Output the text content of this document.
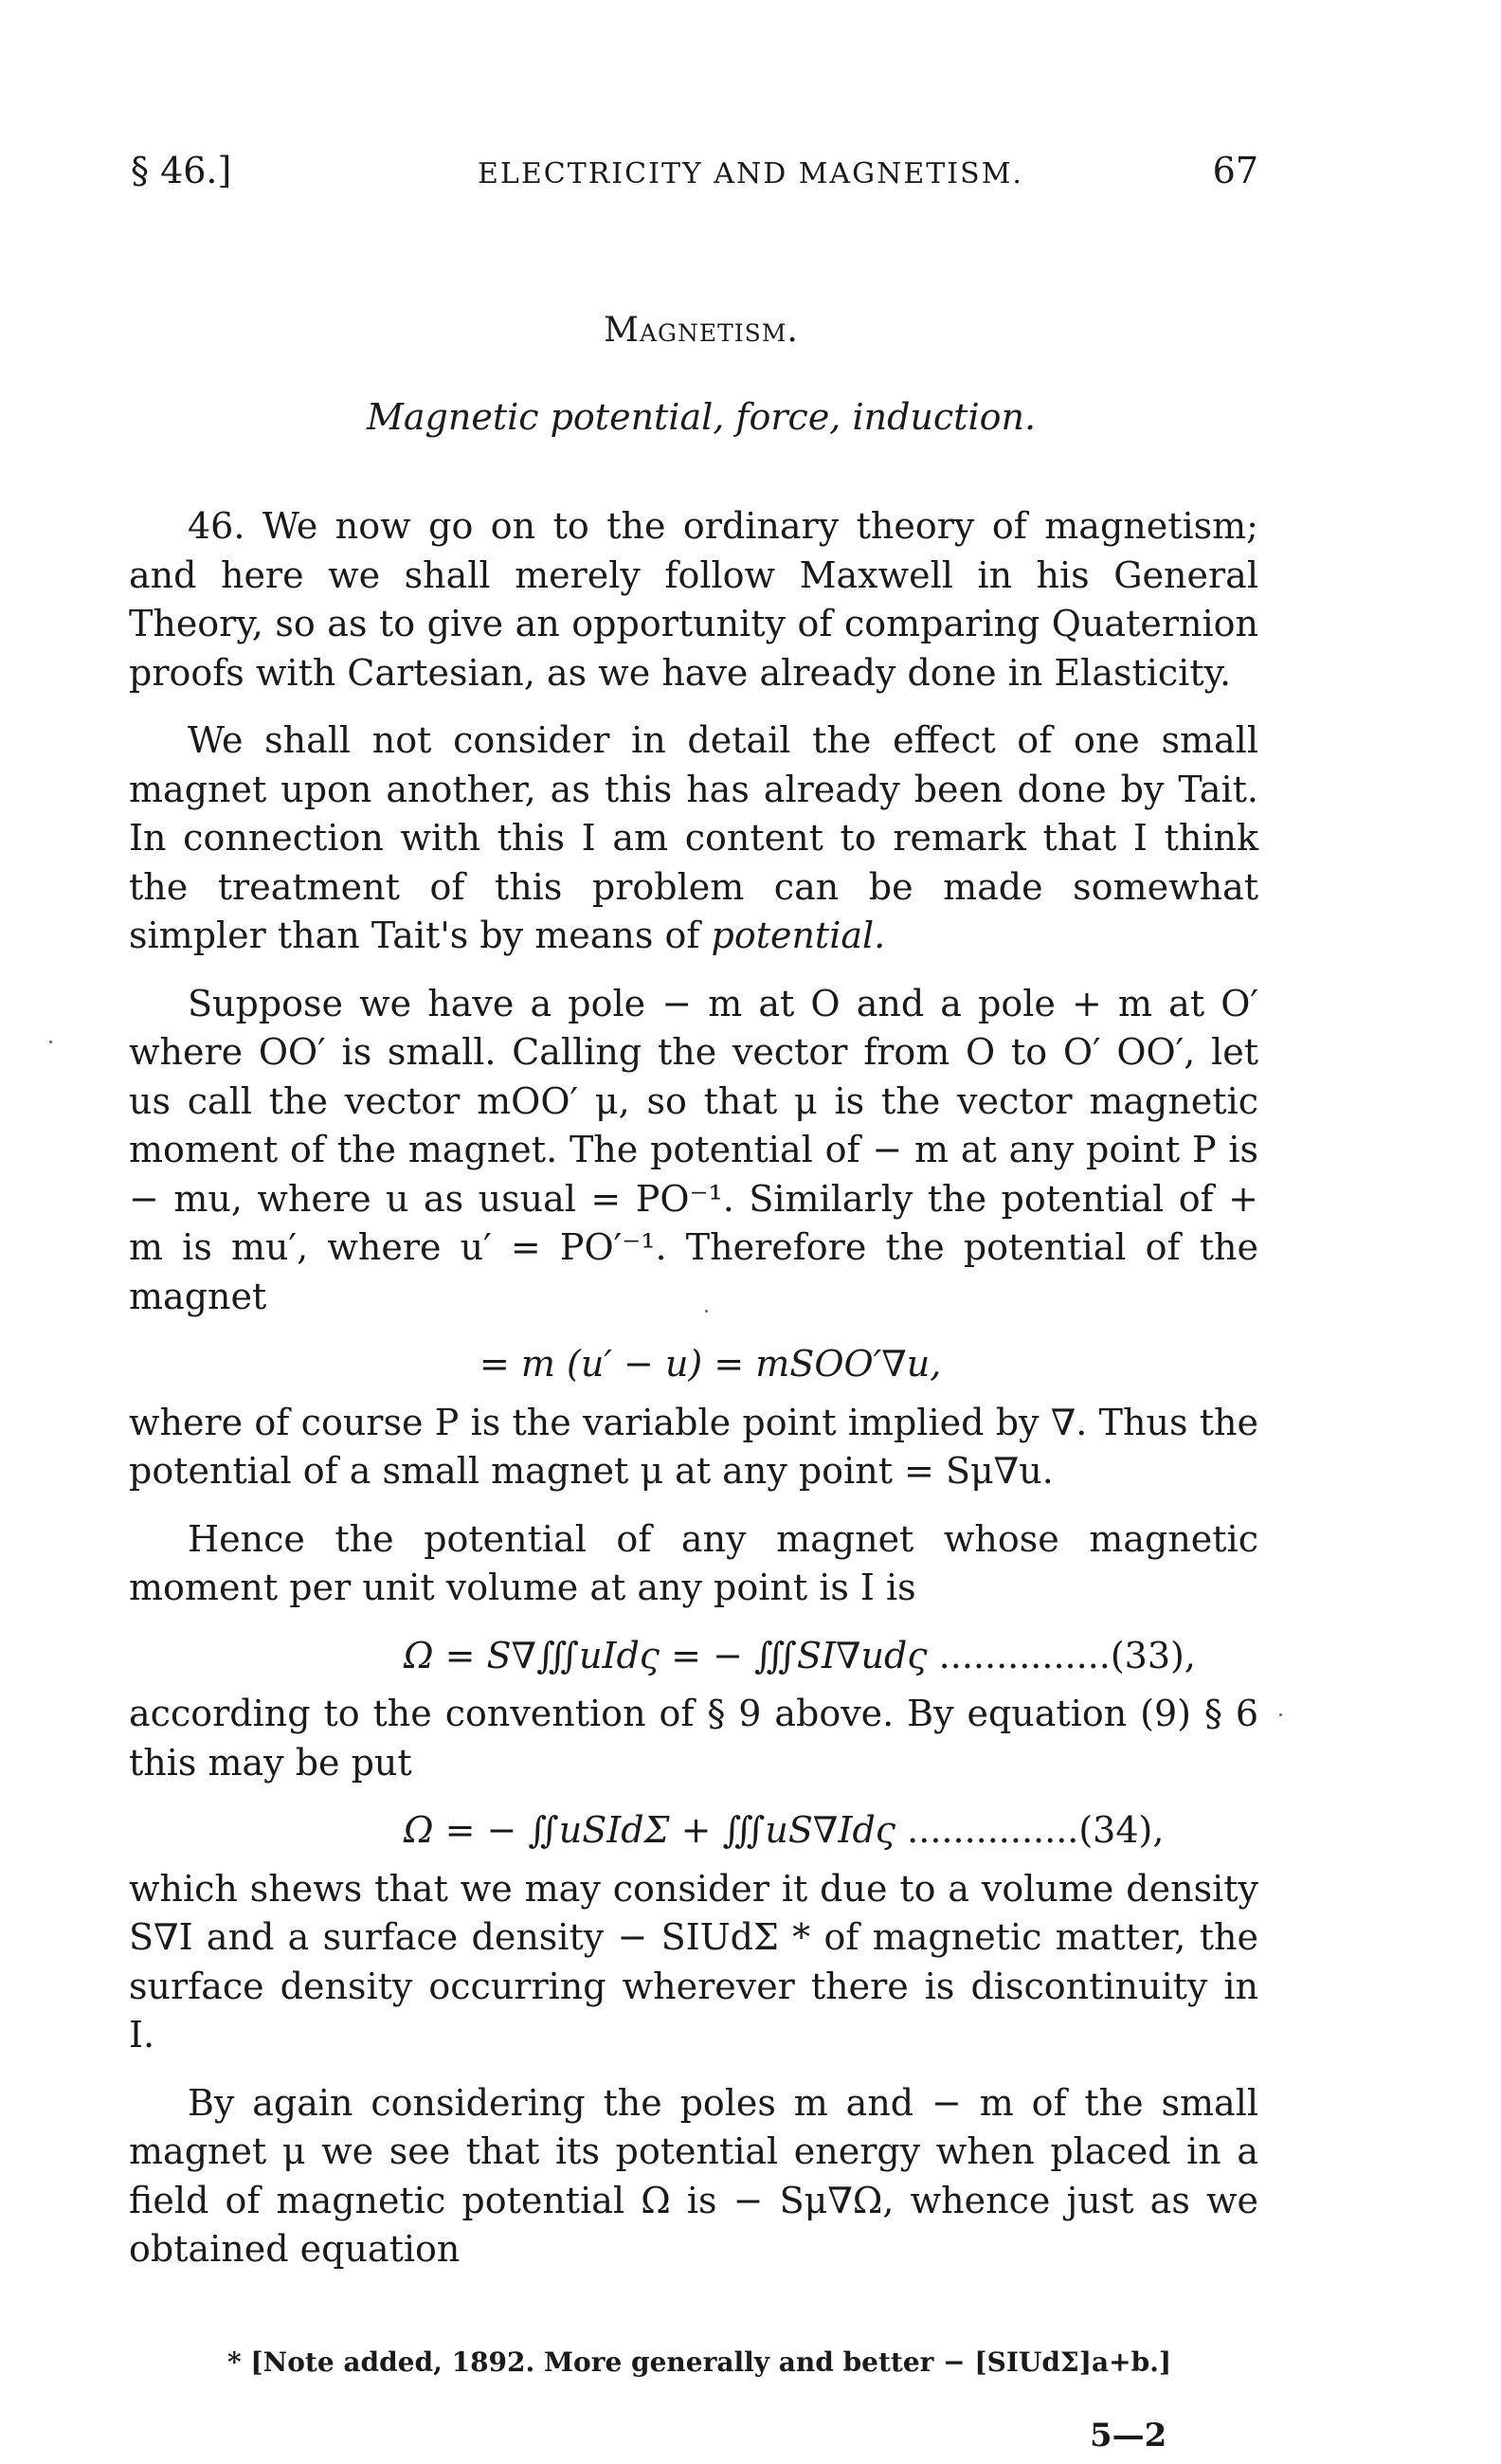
§ 46.]	ELECTRICITY AND MAGNETISM.	67
Magnetism.
Magnetic potential, force, induction.

46. We now go on to the ordinary theory of magnetism; and here we shall merely follow Maxwell in his General Theory, so as to give an opportunity of comparing Quaternion proofs with Cartesian, as we have already done in Elasticity.

We shall not consider in detail the effect of one small magnet upon another, as this has already been done by Tait. In connection with this I am content to remark that I think the treatment of this problem can be made somewhat simpler than Tait's by means of potential.

Suppose we have a pole − m at O and a pole + m at O′ where OO′ is small. Calling the vector from O to O′ OO′, let us call the vector mOO′ μ, so that μ is the vector magnetic moment of the magnet. The potential of − m at any point P is − mu, where u as usual = PO⁻¹. Similarly the potential of + m is mu′, where u′ = PO′⁻¹. Therefore the potential of the magnet

= m (u′ − u) = mSOO′∇u,

where of course P is the variable point implied by ∇. Thus the potential of a small magnet μ at any point = Sμ∇u.

Hence the potential of any magnet whose magnetic moment per unit volume at any point is I is

Ω = S∇∭uIdς = − ∭SI∇udς ...............(33),

according to the convention of § 9 above. By equation (9) § 6 this may be put

Ω = − ∬uSIdΣ + ∭uS∇Idς ...............(34),

which shews that we may consider it due to a volume density S∇I and a surface density − SIUdΣ * of magnetic matter, the surface density occurring wherever there is discontinuity in I.

By again considering the poles m and − m of the small magnet μ we see that its potential energy when placed in a field of magnetic potential Ω is − Sμ∇Ω, whence just as we obtained equation

* [Note added, 1892. More generally and better − [SIUdΣ]a+b.]
5—2
